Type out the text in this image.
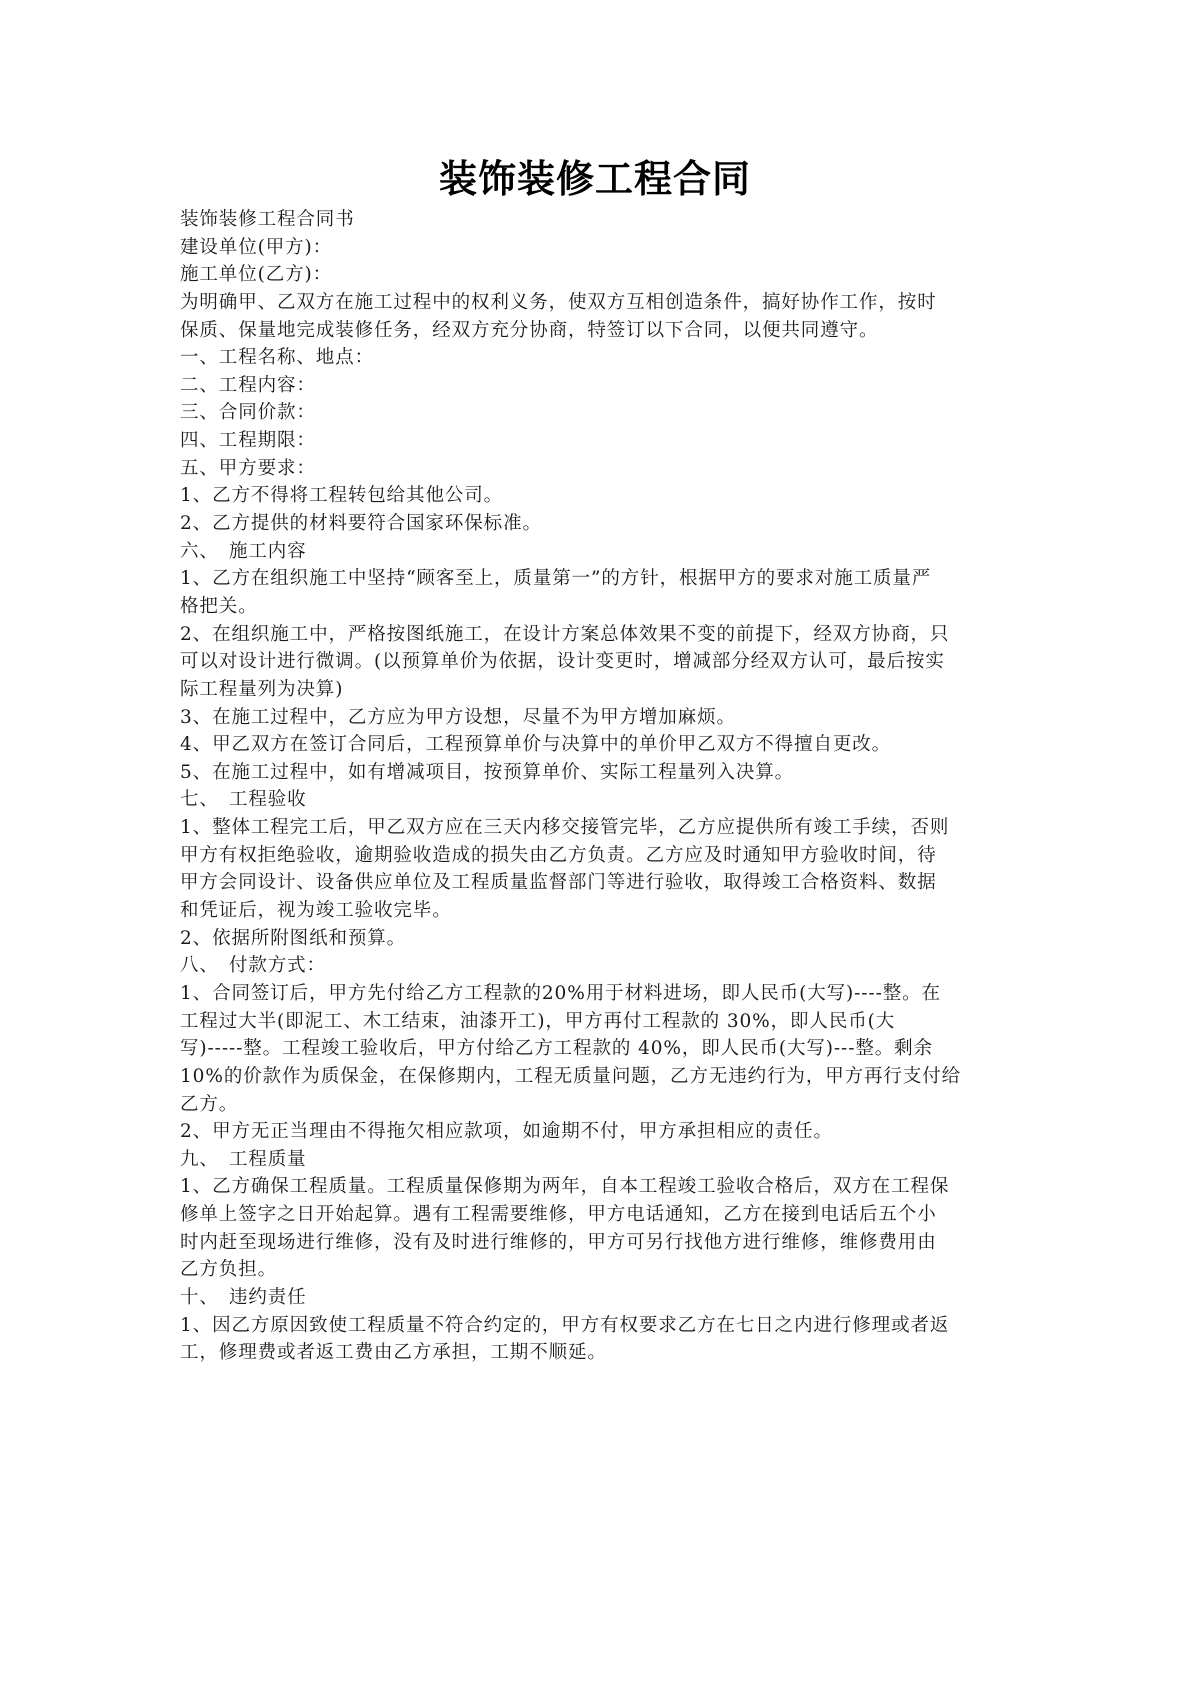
装饰装修工程合同
装饰装修工程合同书
建设单位(甲方)：
施工单位(乙方)：
为明确甲、乙双方在施工过程中的权利义务，使双方互相创造条件，搞好协作工作，按时
保质、保量地完成装修任务，经双方充分协商，特签订以下合同，以便共同遵守。
一、工程名称、地点：
二、工程内容：
三、合同价款：
四、工程期限：
五、甲方要求：
1、乙方不得将工程转包给其他公司。
2、乙方提供的材料要符合国家环保标准。
六、　施工内容
1、乙方在组织施工中坚持“顾客至上，质量第一”的方针，根据甲方的要求对施工质量严
格把关。
2、在组织施工中，严格按图纸施工，在设计方案总体效果不变的前提下，经双方协商，只
可以对设计进行微调。(以预算单价为依据，设计变更时，增减部分经双方认可，最后按实
际工程量列为决算)
3、在施工过程中，乙方应为甲方设想，尽量不为甲方增加麻烦。
4、甲乙双方在签订合同后，工程预算单价与决算中的单价甲乙双方不得擅自更改。
5、在施工过程中，如有增减项目，按预算单价、实际工程量列入决算。
七、　工程验收
1、整体工程完工后，甲乙双方应在三天内移交接管完毕，乙方应提供所有竣工手续，否则
甲方有权拒绝验收，逾期验收造成的损失由乙方负责。乙方应及时通知甲方验收时间，待
甲方会同设计、设备供应单位及工程质量监督部门等进行验收，取得竣工合格资料、数据
和凭证后，视为竣工验收完毕。
2、依据所附图纸和预算。
八、　付款方式：
1、合同签订后，甲方先付给乙方工程款的20%用于材料进场，即人民币(大写)----整。在
工程过大半(即泥工、木工结束，油漆开工)，甲方再付工程款的 30%，即人民币(大
写)-----整。工程竣工验收后，甲方付给乙方工程款的 40%，即人民币(大写)---整。剩余
10%的价款作为质保金，在保修期内，工程无质量问题，乙方无违约行为，甲方再行支付给
乙方。
2、甲方无正当理由不得拖欠相应款项，如逾期不付，甲方承担相应的责任。
九、　工程质量
1、乙方确保工程质量。工程质量保修期为两年，自本工程竣工验收合格后，双方在工程保
修单上签字之日开始起算。遇有工程需要维修，甲方电话通知，乙方在接到电话后五个小
时内赶至现场进行维修，没有及时进行维修的，甲方可另行找他方进行维修，维修费用由
乙方负担。
十、　违约责任
1、因乙方原因致使工程质量不符合约定的，甲方有权要求乙方在七日之内进行修理或者返
工，修理费或者返工费由乙方承担，工期不顺延。
